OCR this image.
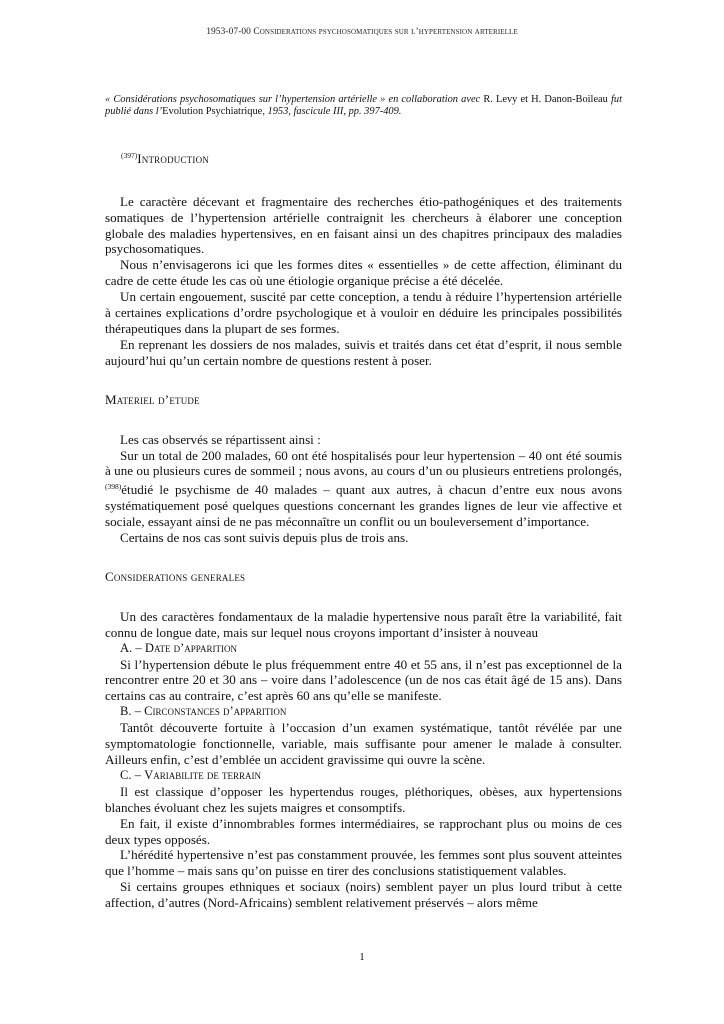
1953-07-00 Considerations psychosomatiques sur l’hypertension arterielle
« Considérations psychosomatiques sur l’hypertension artérielle » en collaboration avec R. Levy et H. Danon-Boileau fut publié dans l’Evolution Psychiatrique, 1953, fascicule III, pp. 397-409.
$^{(397)}$Introduction

Le caractère décevant et fragmentaire des recherches étio-pathogéniques et des traitements somatiques de l’hypertension artérielle contraignit les chercheurs à élaborer une conception globale des maladies hypertensives, en en faisant ainsi un des chapitres principaux des maladies psychosomatiques.

Nous n’envisagerons ici que les formes dites « essentielles » de cette affection, éliminant du cadre de cette étude les cas où une étiologie organique précise a été décelée.

Un certain engouement, suscité par cette conception, a tendu à réduire l’hypertension artérielle à certaines explications d’ordre psychologique et à vouloir en déduire les principales possibilités thérapeutiques dans la plupart de ses formes.

En reprenant les dossiers de nos malades, suivis et traités dans cet état d’esprit, il nous semble aujourd’hui qu’un certain nombre de questions restent à poser.

Materiel d’etude

Les cas observés se répartissent ainsi :

Sur un total de 200 malades, 60 ont été hospitalisés pour leur hypertension – 40 ont été soumis à une ou plusieurs cures de sommeil ; nous avons, au cours d’un ou plusieurs entretiens prolongés, $^{(398)}$étudié le psychisme de 40 malades – quant aux autres, à chacun d’entre eux nous avons systématiquement posé quelques questions concernant les grandes lignes de leur vie affective et sociale, essayant ainsi de ne pas méconnaître un conflit ou un bouleversement d’importance.

Certains de nos cas sont suivis depuis plus de trois ans.

Considerations generales

Un des caractères fondamentaux de la maladie hypertensive nous paraît être la variabilité, fait connu de longue date, mais sur lequel nous croyons important d’insister à nouveau

A. – Date d’apparition

Si l’hypertension débute le plus fréquemment entre 40 et 55 ans, il n’est pas exceptionnel de la rencontrer entre 20 et 30 ans – voire dans l’adolescence (un de nos cas était âgé de 15 ans). Dans certains cas au contraire, c’est après 60 ans qu’elle se manifeste.

B. – Circonstances d’apparition

Tantôt découverte fortuite à l’occasion d’un examen systématique, tantôt révélée par une symptomatologie fonctionnelle, variable, mais suffisante pour amener le malade à consulter. Ailleurs enfin, c’est d’emblée un accident gravissime qui ouvre la scène.

C. – Variabilite de terrain

Il est classique d’opposer les hypertendus rouges, pléthoriques, obèses, aux hypertensions blanches évoluant chez les sujets maigres et consomptifs.

En fait, il existe d’innombrables formes intermédiaires, se rapprochant plus ou moins de ces deux types opposés.

L’hérédité hypertensive n’est pas constamment prouvée, les femmes sont plus souvent atteintes que l’homme – mais sans qu’on puisse en tirer des conclusions statistiquement valables.

Si certains groupes ethniques et sociaux (noirs) semblent payer un plus lourd tribut à cette affection, d’autres (Nord-Africains) semblent relativement préservés – alors même

1
